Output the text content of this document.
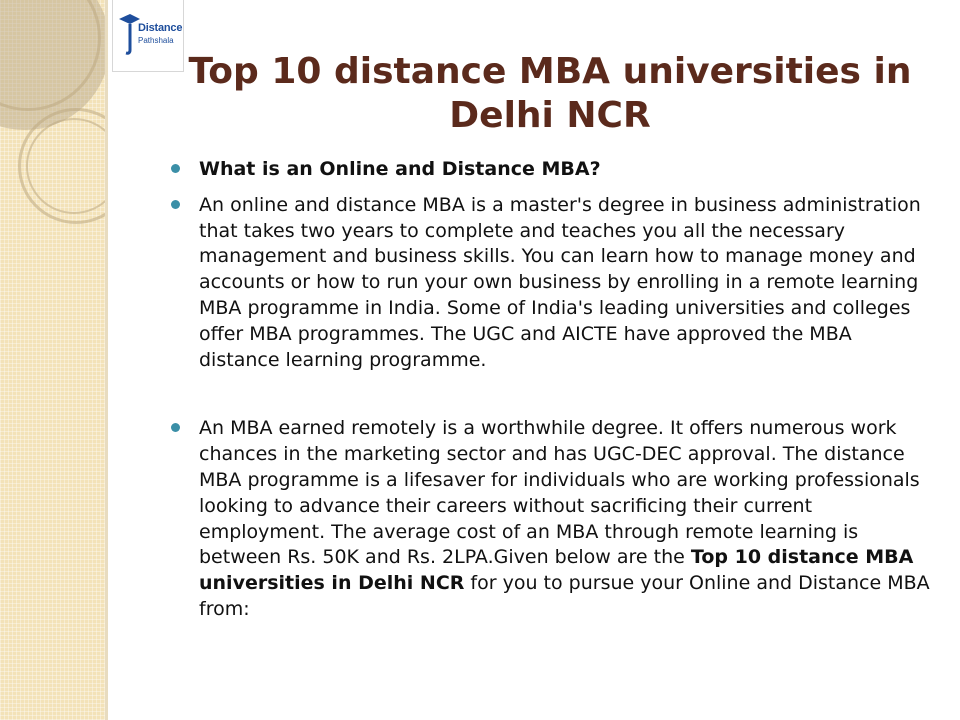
Distance
Pathshala
Top 10 distance MBA universities in Delhi NCR
What is an Online and Distance MBA?
An online and distance MBA is a master's degree in business administration that takes two years to complete and teaches you all the necessary management and business skills. You can learn how to manage money and accounts or how to run your own business by enrolling in a remote learning MBA programme in India. Some of India's leading universities and colleges offer MBA programmes. The UGC and AICTE have approved the MBA distance learning programme.
An MBA earned remotely is a worthwhile degree. It offers numerous work chances in the marketing sector and has UGC-DEC approval. The distance MBA programme is a lifesaver for individuals who are working professionals looking to advance their careers without sacrificing their current employment. The average cost of an MBA through remote learning is between Rs. 50K and Rs. 2LPA.Given below are the Top 10 distance MBA universities in Delhi NCR for you to pursue your Online and Distance MBA from:
